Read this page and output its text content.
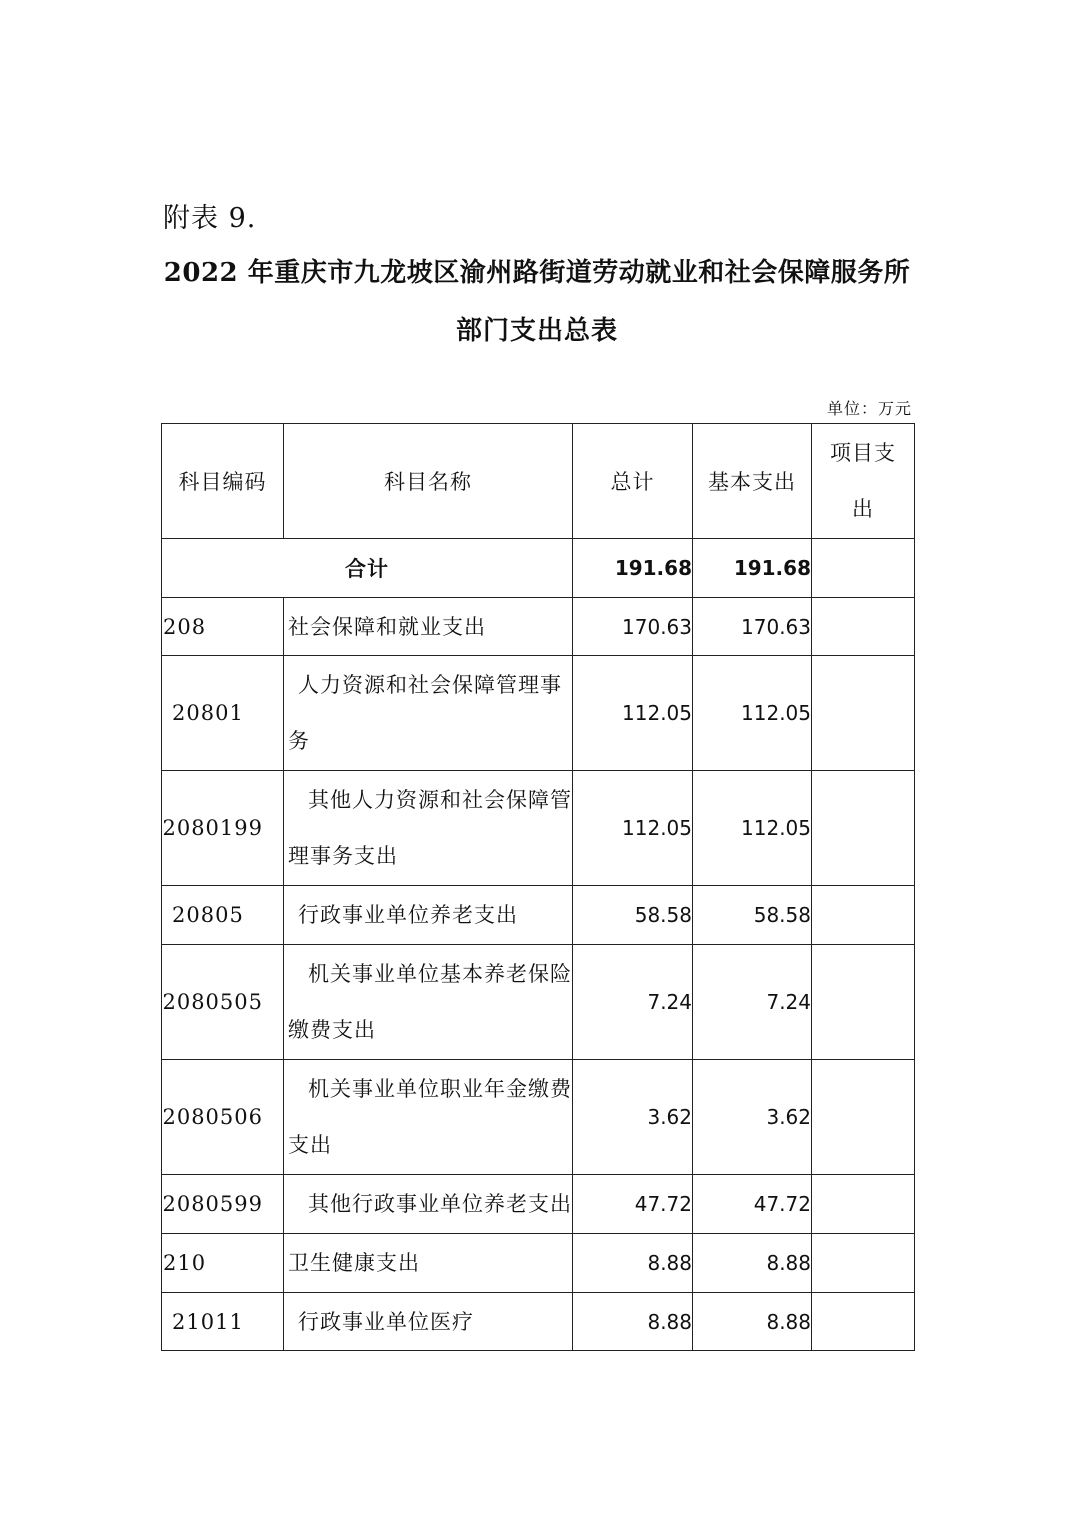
附表 9.
2022 年重庆市九龙坡区渝州路街道劳动就业和社会保障服务所
部门支出总表
单位：万元
科目编码	科目名称	总计	基本支出	项目支
出

合计		191.68	191.68	
208	社会保障和就业支出	170.63	170.63	
20801	人力资源和社会保障管理事
务	112.05	112.05	
2080199	其他人力资源和社会保障管
理事务支出	112.05	112.05	
20805	行政事业单位养老支出	58.58	58.58	
2080505	机关事业单位基本养老保险
缴费支出	7.24	7.24	
2080506	机关事业单位职业年金缴费
支出	3.62	3.62	
2080599	其他行政事业单位养老支出	47.72	47.72	
210	卫生健康支出	8.88	8.88	
21011	行政事业单位医疗	8.88	8.88	
